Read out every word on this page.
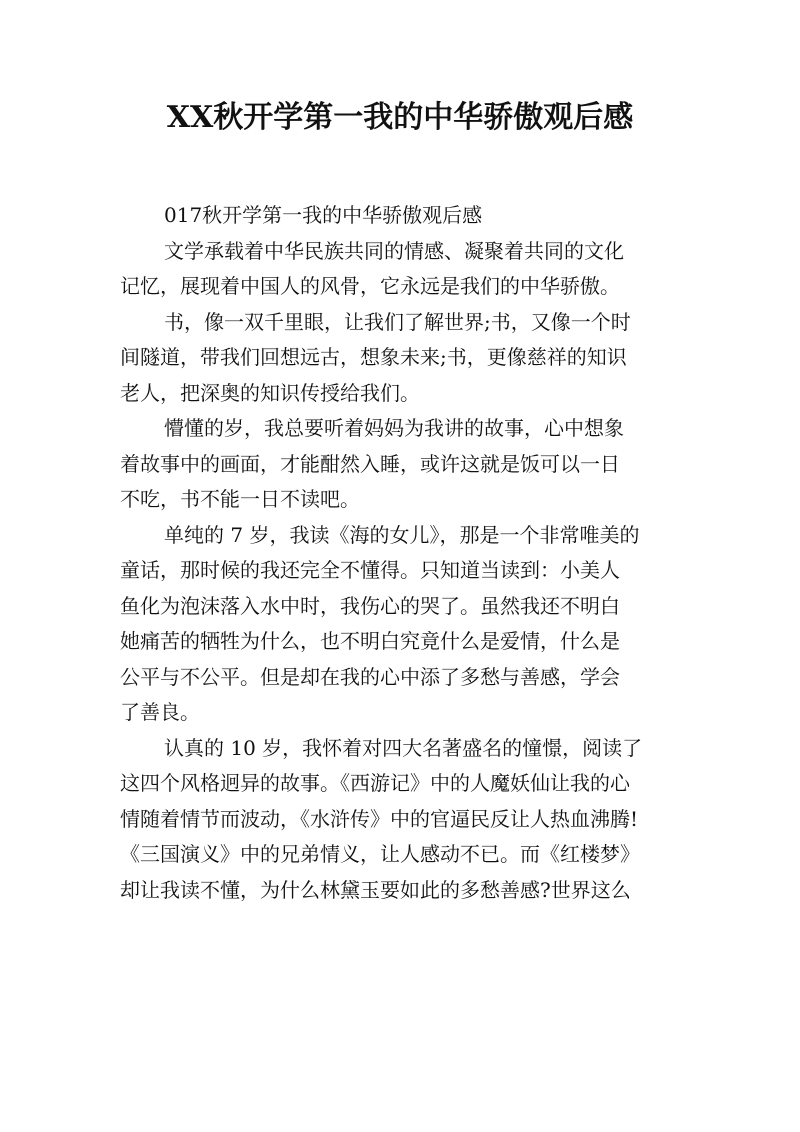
XX秋开学第一我的中华骄傲观后感
017秋开学第一我的中华骄傲观后感
文学承载着中华民族共同的情感、凝聚着共同的文化
记忆，展现着中国人的风骨，它永远是我们的中华骄傲。
书，像一双千里眼，让我们了解世界;书，又像一个时
间隧道，带我们回想远古，想象未来;书，更像慈祥的知识
老人，把深奥的知识传授给我们。
懵懂的岁，我总要听着妈妈为我讲的故事，心中想象
着故事中的画面，才能酣然入睡，或许这就是饭可以一日
不吃，书不能一日不读吧。
单纯的 7 岁，我读《海的女儿》，那是一个非常唯美的
童话，那时候的我还完全不懂得。只知道当读到：小美人
鱼化为泡沫落入水中时，我伤心的哭了。虽然我还不明白
她痛苦的牺牲为什么，也不明白究竟什么是爱情，什么是
公平与不公平。但是却在我的心中添了多愁与善感，学会
了善良。
认真的 10 岁，我怀着对四大名著盛名的憧憬，阅读了
这四个风格迥异的故事。《西游记》中的人魔妖仙让我的心
情随着情节而波动，《水浒传》中的官逼民反让人热血沸腾!
《三国演义》中的兄弟情义，让人感动不已。而《红楼梦》
却让我读不懂，为什么林黛玉要如此的多愁善感?世界这么
